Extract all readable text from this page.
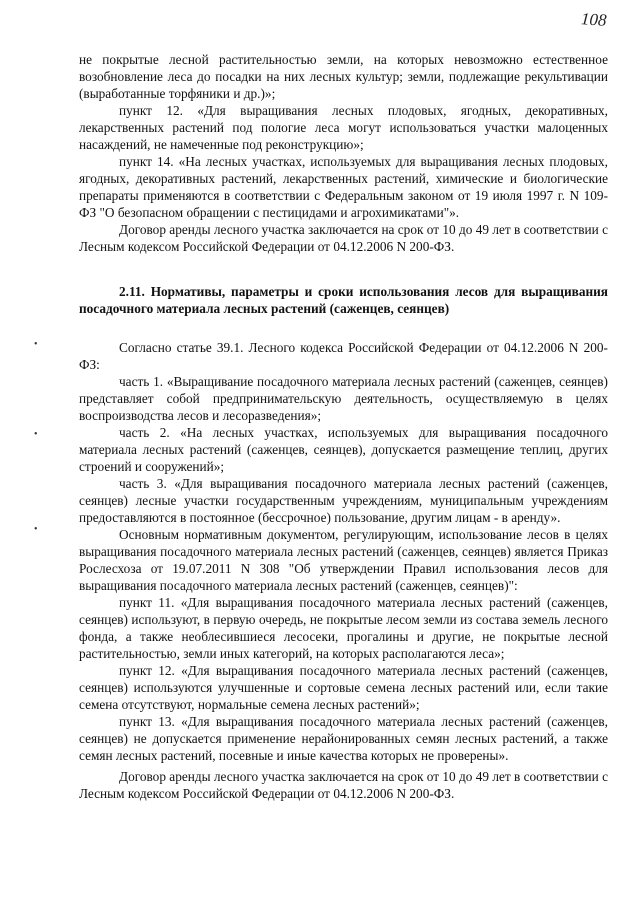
108
•
•
•

не покрытые лесной растительностью земли, на которых невозможно естественное возобновление леса до посадки на них лесных культур; земли, подлежащие рекультивации (выработанные торфяники и др.)»;

пункт 12. «Для выращивания лесных плодовых, ягодных, декоративных, лекарственных растений под пологие леса могут использоваться участки малоценных насаждений, не намеченные под реконструкцию»;

пункт 14. «На лесных участках, используемых для выращивания лесных плодовых, ягодных, декоративных растений, лекарственных растений, химические и биологические препараты применяются в соответствии с Федеральным законом от 19 июля 1997 г. N 109-ФЗ "О безопасном обращении с пестицидами и агрохимикатами"».

Договор аренды лесного участка заключается на срок от 10 до 49 лет в соответствии с Лесным кодексом Российской Федерации от 04.12.2006 N 200-ФЗ.

2.11. Нормативы, параметры и сроки использования лесов для выращивания посадочного материала лесных растений (саженцев, сеянцев)

Согласно статье 39.1. Лесного кодекса Российской Федерации от 04.12.2006 N 200-ФЗ:

часть 1. «Выращивание посадочного материала лесных растений (саженцев, сеянцев) представляет собой предпринимательскую деятельность, осуществляемую в целях воспроизводства лесов и лесоразведения»;

часть 2. «На лесных участках, используемых для выращивания посадочного материала лесных растений (саженцев, сеянцев), допускается размещение теплиц, других строений и сооружений»;

часть 3. «Для выращивания посадочного материала лесных растений (саженцев, сеянцев) лесные участки государственным учреждениям, муниципальным учреждениям предоставляются в постоянное (бессрочное) пользование, другим лицам - в аренду».

Основным нормативным документом, регулирующим, использование лесов в целях выращивания посадочного материала лесных растений (саженцев, сеянцев) является Приказ Рослесхоза от 19.07.2011 N 308 "Об утверждении Правил использования лесов для выращивания посадочного материала лесных растений (саженцев, сеянцев)":

пункт 11. «Для выращивания посадочного материала лесных растений (саженцев, сеянцев) используют, в первую очередь, не покрытые лесом земли из состава земель лесного фонда, а также необлесившиеся лесосеки, прогалины и другие, не покрытые лесной растительностью, земли иных категорий, на которых располагаются леса»;

пункт 12. «Для выращивания посадочного материала лесных растений (саженцев, сеянцев) используются улучшенные и сортовые семена лесных растений или, если такие семена отсутствуют, нормальные семена лесных растений»;

пункт 13. «Для выращивания посадочного материала лесных растений (саженцев, сеянцев) не допускается применение нерайонированных семян лесных растений, а также семян лесных растений, посевные и иные качества которых не проверены».

Договор аренды лесного участка заключается на срок от 10 до 49 лет в соответствии с Лесным кодексом Российской Федерации от 04.12.2006 N 200-ФЗ.
